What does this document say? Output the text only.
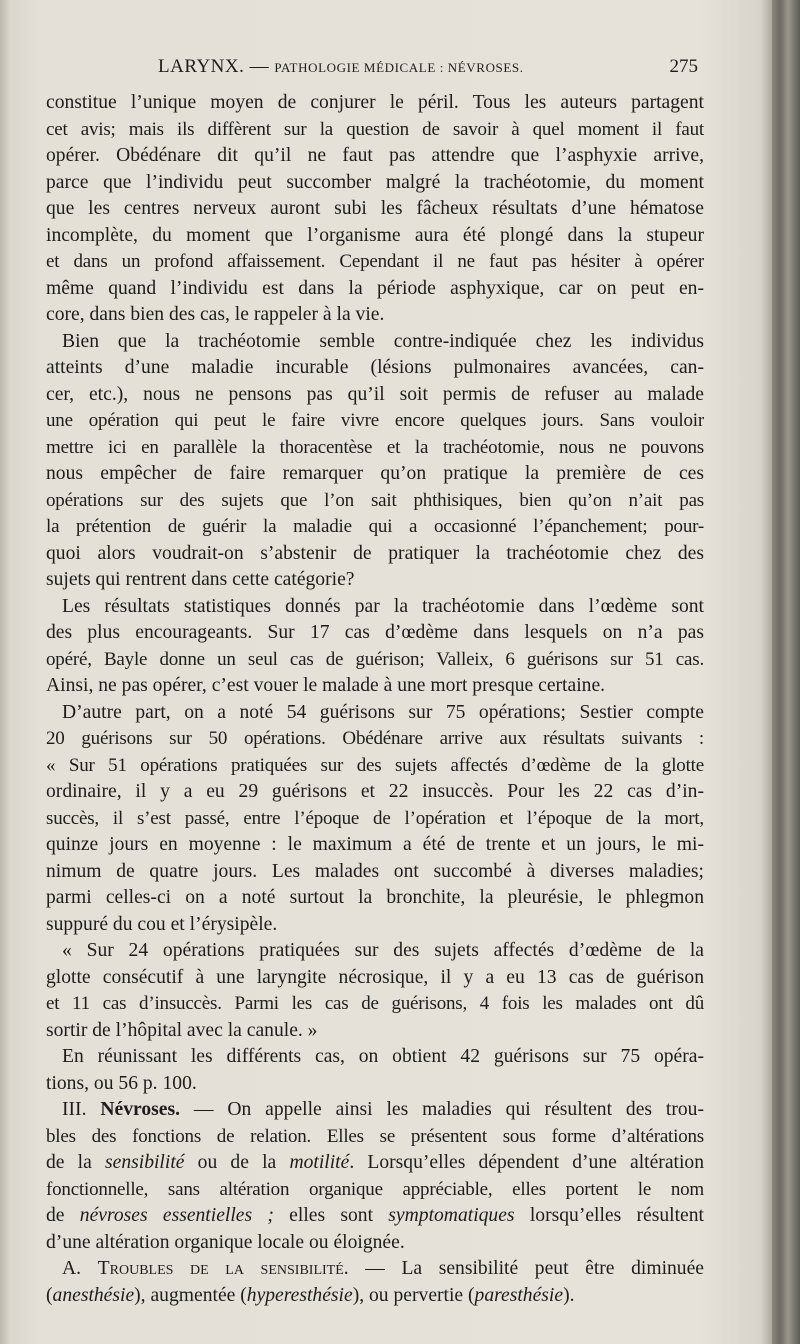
LARYNX. — PATHOLOGIE MÉDICALE : NÉVROSES.	275
constitue l’unique moyen de conjurer le péril. Tous les auteurs partagent
cet avis; mais ils diffèrent sur la question de savoir à quel moment il faut
opérer. Obédénare dit qu’il ne faut pas attendre que l’asphyxie arrive,
parce que l’individu peut succomber malgré la trachéotomie, du moment
que les centres nerveux auront subi les fâcheux résultats d’une hématose
incomplète, du moment que l’organisme aura été plongé dans la stupeur
et dans un profond affaissement. Cependant il ne faut pas hésiter à opérer
même quand l’individu est dans la période asphyxique, car on peut en-
core, dans bien des cas, le rappeler à la vie.
Bien que la trachéotomie semble contre-indiquée chez les individus
atteints d’une maladie incurable (lésions pulmonaires avancées, can-
cer, etc.), nous ne pensons pas qu’il soit permis de refuser au malade
une opération qui peut le faire vivre encore quelques jours. Sans vouloir
mettre ici en parallèle la thoracentèse et la trachéotomie, nous ne pouvons
nous empêcher de faire remarquer qu’on pratique la première de ces
opérations sur des sujets que l’on sait phthisiques, bien qu’on n’ait pas
la prétention de guérir la maladie qui a occasionné l’épanchement; pour-
quoi alors voudrait-on s’abstenir de pratiquer la trachéotomie chez des
sujets qui rentrent dans cette catégorie?
Les résultats statistiques donnés par la trachéotomie dans l’œdème sont
des plus encourageants. Sur 17 cas d’œdème dans lesquels on n’a pas
opéré, Bayle donne un seul cas de guérison; Valleix, 6 guérisons sur 51 cas.
Ainsi, ne pas opérer, c’est vouer le malade à une mort presque certaine.
D’autre part, on a noté 54 guérisons sur 75 opérations; Sestier compte
20 guérisons sur 50 opérations. Obédénare arrive aux résultats suivants :
« Sur 51 opérations pratiquées sur des sujets affectés d’œdème de la glotte
ordinaire, il y a eu 29 guérisons et 22 insuccès. Pour les 22 cas d’in-
succès, il s’est passé, entre l’époque de l’opération et l’époque de la mort,
quinze jours en moyenne : le maximum a été de trente et un jours, le mi-
nimum de quatre jours. Les malades ont succombé à diverses maladies;
parmi celles-ci on a noté surtout la bronchite, la pleurésie, le phlegmon
suppuré du cou et l’érysipèle.
« Sur 24 opérations pratiquées sur des sujets affectés d’œdème de la
glotte consécutif à une laryngite nécrosique, il y a eu 13 cas de guérison
et 11 cas d’insuccès. Parmi les cas de guérisons, 4 fois les malades ont dû
sortir de l’hôpital avec la canule. »
En réunissant les différents cas, on obtient 42 guérisons sur 75 opéra-
tions, ou 56 p. 100.
III. Névroses. — On appelle ainsi les maladies qui résultent des trou-
bles des fonctions de relation. Elles se présentent sous forme d’altérations
de la sensibilité ou de la motilité. Lorsqu’elles dépendent d’une altération
fonctionnelle, sans altération organique appréciable, elles portent le nom
de névroses essentielles ; elles sont symptomatiques lorsqu’elles résultent
d’une altération organique locale ou éloignée.
A. Troubles de la sensibilité. — La sensibilité peut être diminuée
(anesthésie), augmentée (hyperesthésie), ou pervertie (paresthésie).
